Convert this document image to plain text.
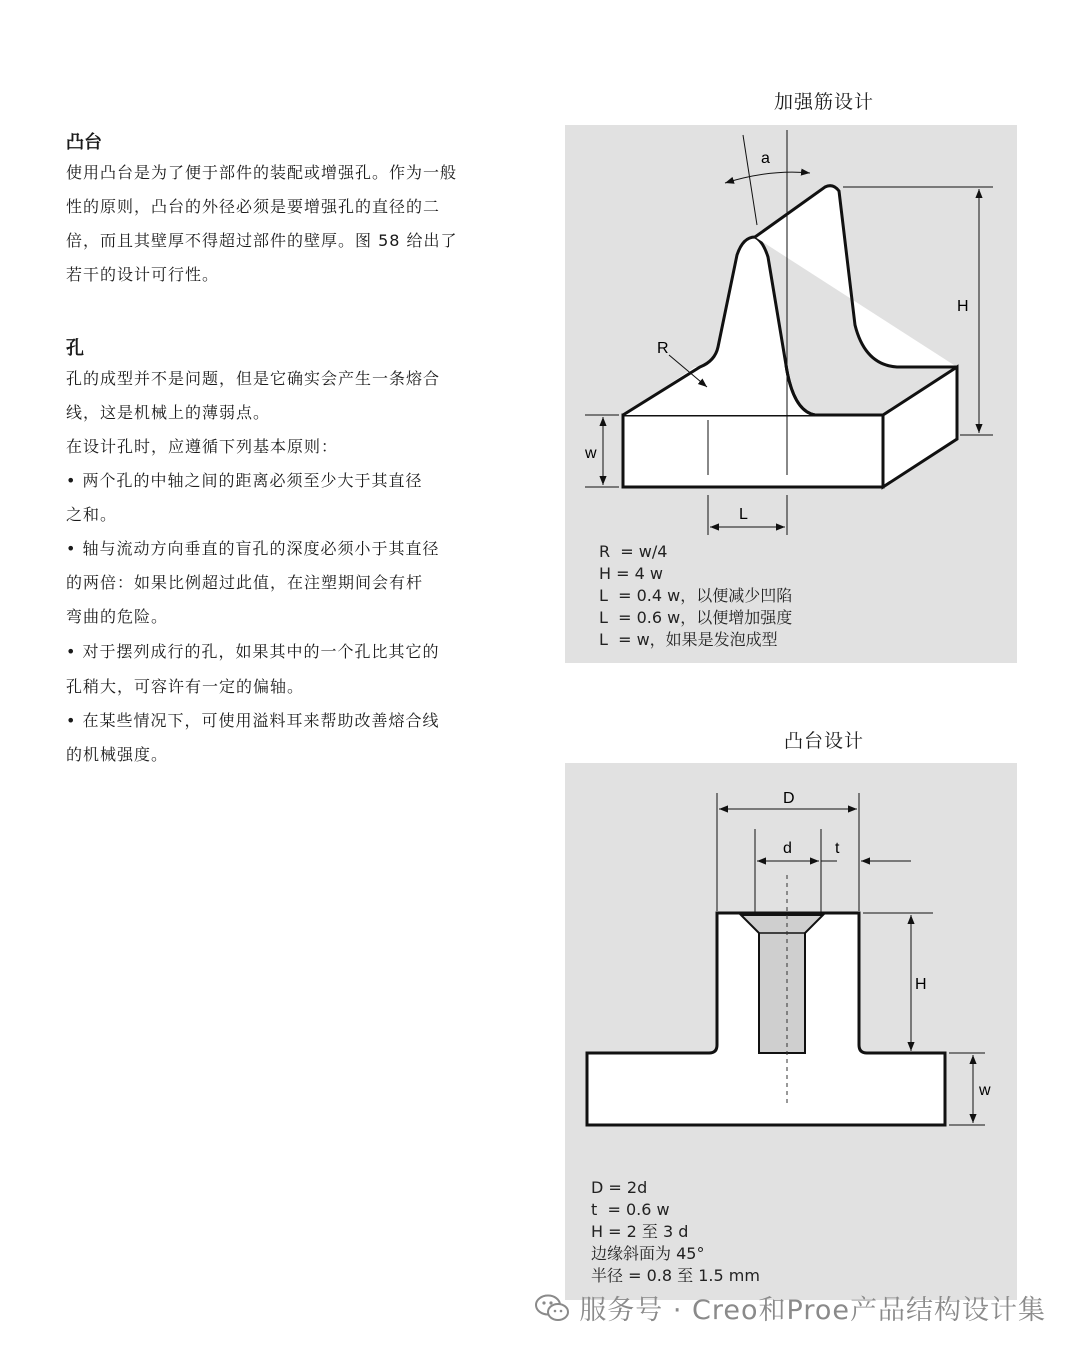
凸台
使用凸台是为了便于部件的装配或增强孔。作为一般
性的原则，凸台的外径必须是要增强孔的直径的二
倍，而且其壁厚不得超过部件的壁厚。图 58 给出了
若干的设计可行性。
孔
孔的成型并不是问题，但是它确实会产生一条熔合
线，这是机械上的薄弱点。
在设计孔时，应遵循下列基本原则：
• 两个孔的中轴之间的距离必须至少大于其直径
之和。
• 轴与流动方向垂直的盲孔的深度必须小于其直径
的两倍：如果比例超过此值，在注塑期间会有杆
弯曲的危险。
• 对于摆列成行的孔，如果其中的一个孔比其它的
孔稍大，可容许有一定的偏轴。
• 在某些情况下，可使用溢料耳来帮助改善熔合线
的机械强度。
加强筋设计
a
H
R
w
L
R  = w/4
H = 4 w
L  = 0.4 w，以便减少凹陷
L  = 0.6 w，以便增加强度
L  = w，如果是发泡成型
凸台设计
D
d	t
H
w
D = 2d
t  = 0.6 w
H = 2 至 3 d
边缘斜面为 45°
半径 = 0.8 至 1.5 mm
服务号 · Creo和Proe产品结构设计集
